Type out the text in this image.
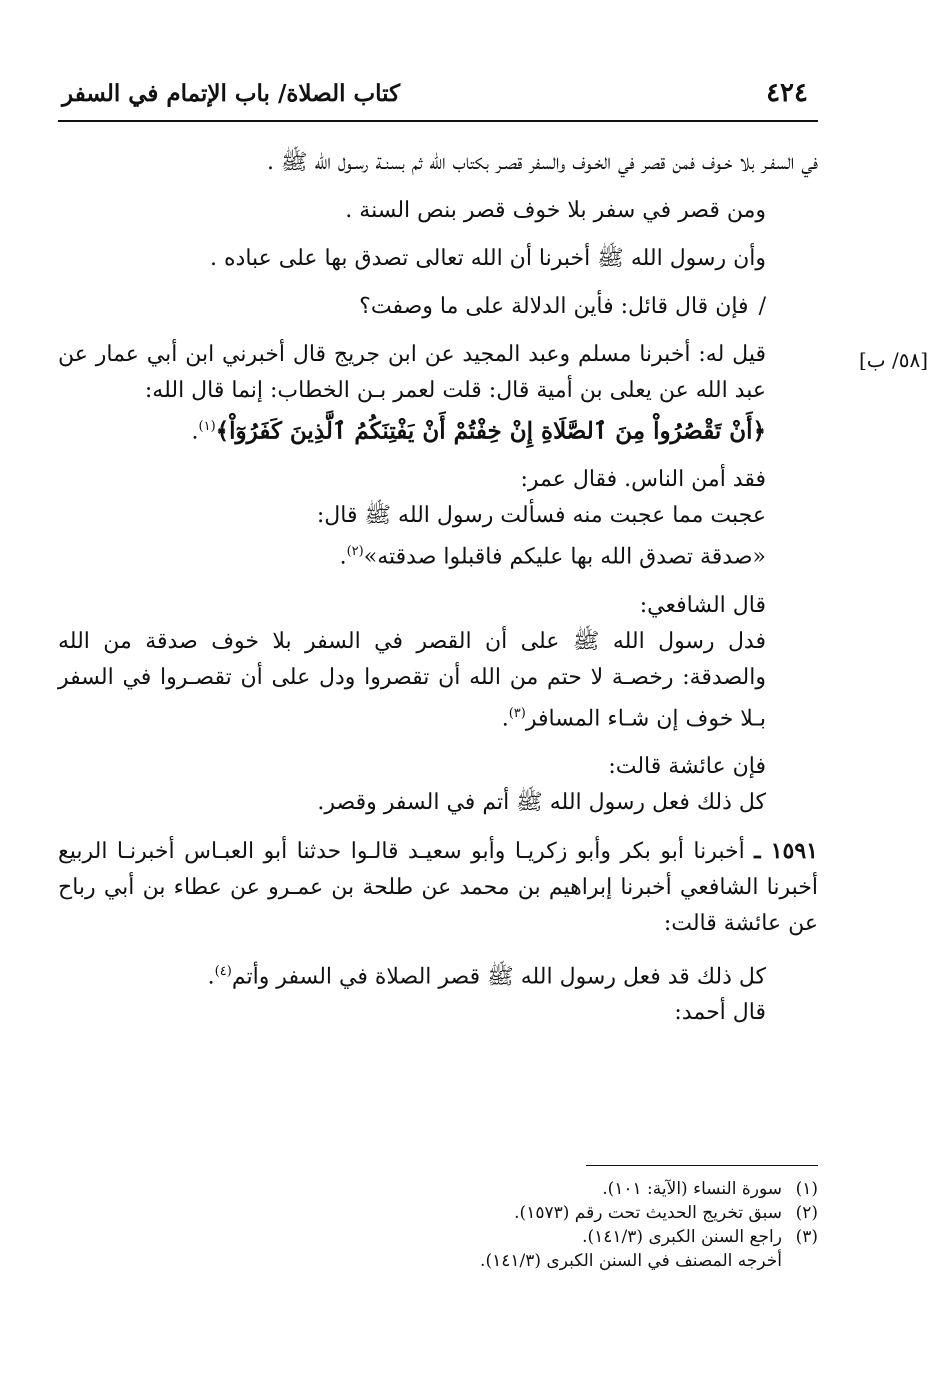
٤٢٤
كتاب الصلاة/ باب الإتمام في السفر
[٥٨/ ب]

في السفـر بلا خـوف فمن قصر في الخـوف والسفر قصـر بكتاب الله ثم بسنـة رسـول الله ﷺ .

ومن قصر في سفر بلا خوف قصر بنص السنة .

وأن رسول الله ﷺ أخبرنا أن الله تعالى تصدق بها على عباده .

/فإن قال قائل: فأين الدلالة على ما وصفت؟

قيل له: أخبرنا مسلم وعبد المجيد عن ابن جريج قال أخبرني ابن أبي عمار عن عبد الله عن يعلى بن أمية قال: قلت لعمر بـن الخطاب: إنما قال الله:

﴿أَنْ تَقْصُرُواْ مِنَ ٱلصَّلَاةِ إِنْ خِفْتُمْ أَنْ يَفْتِنَكُمُ ٱلَّذِينَ كَفَرُوٓاْ﴾$^{(١)}$.

فقد أمن الناس. فقال عمر:

عجبت مما عجبت منه فسألت رسول الله ﷺ قال:

«صدقة تصدق الله بها عليكم فاقبلوا صدقته»$^{(٢)}$.

قال الشافعي:

فدل رسول الله ﷺ على أن القصر في السفر بلا خوف صدقة من الله والصدقة: رخصـة لا حتم من الله أن تقصروا ودل على أن تقصـروا في السفر بـلا خوف إن شـاء المسافر$^{(٣)}$.

فإن عائشة قالت:

كل ذلك فعل رسول الله ﷺ أتم في السفر وقصر.

١٥٩١ ـ أخبرنا أبو بكر وأبو زكريـا وأبو سعيـد قالـوا حدثنا أبو العبـاس أخبرنـا الربيع أخبرنا الشافعي أخبرنا إبراهيم بن محمد عن طلحة بن عمـرو عن عطاء بن أبي رباح عن عائشة قالت:

كل ذلك قد فعل رسول الله ﷺ قصر الصلاة في السفر وأتم$^{(٤)}$.

قال أحمد:

(١)سورة النساء (الآية: ١٠١).

(٢)سبق تخريج الحديث تحت رقم (١٥٧٣).

(٣)راجع السنن الكبرى (١٤١/٣).

أخرجه المصنف في السنن الكبرى (١٤١/٣).
